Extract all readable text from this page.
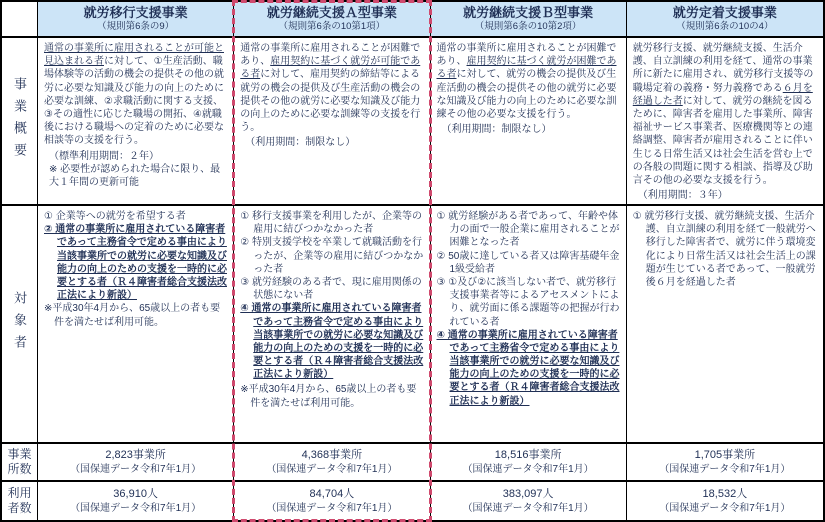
就労移行支援事業
（規則第6条の9）
就労継続支援Ａ型事業
（規則第6条の10第1項）
就労継続支援Ｂ型事業
（規則第6条の10第2項）
就労定着支援事業
（規則第6条の10の4）
事業概要

通常の事業所に雇用されることが可能と見込まれる者に対して、①生産活動、職場体験等の活動の機会の提供その他の就労に必要な知識及び能力の向上のために必要な訓練、②求職活動に関する支援、③その適性に応じた職場の開拓、④就職後における職場への定着のために必要な相談等の支援を行う。

（標準利用期間：２年）

※ 必要性が認められた場合に限り、最大１年間の更新可能

通常の事業所に雇用されることが困難であり、雇用契約に基づく就労が可能である者に対して、雇用契約の締結等による就労の機会の提供及び生産活動の機会の提供その他の就労に必要な知識及び能力の向上のために必要な訓練等の支援を行う。

（利用期間：制限なし）

通常の事業所に雇用されることが困難であり、雇用契約に基づく就労が困難である者に対して、就労の機会の提供及び生産活動の機会の提供その他の就労に必要な知識及び能力の向上のために必要な訓練その他の必要な支援を行う。

（利用期間：制限なし）

就労移行支援、就労継続支援、生活介護、自立訓練の利用を経て、通常の事業所に新たに雇用され、就労移行支援等の職場定着の義務・努力義務である６月を経過した者に対して、就労の継続を図るために、障害者を雇用した事業所、障害福祉サービス事業者、医療機関等との連絡調整、障害者が雇用されることに伴い生じる日常生活又は社会生活を営む上での各般の問題に関する相談、指導及び助言その他の必要な支援を行う。

（利用期間：３年）

対象者

① 企業等への就労を希望する者

② 通常の事業所に雇用されている障害者であって主務省令で定める事由により当該事業所での就労に必要な知識及び能力の向上のための支援を一時的に必要とする者（Ｒ４障害者総合支援法改正法により新設）

※平成30年4月から、65歳以上の者も要件を満たせば利用可能。

① 移行支援事業を利用したが、企業等の雇用に結びつかなかった者

② 特別支援学校を卒業して就職活動を行ったが、企業等の雇用に結びつかなかった者

③ 就労経験のある者で、現に雇用関係の状態にない者

④ 通常の事業所に雇用されている障害者であって主務省令で定める事由により当該事業所での就労に必要な知識及び能力の向上のための支援を一時的に必要とする者（Ｒ４障害者総合支援法改正法により新設）

※平成30年4月から、65歳以上の者も要件を満たせば利用可能。

① 就労経験がある者であって、年齢や体力の面で一般企業に雇用されることが困難となった者

② 50歳に達している者又は障害基礎年金1級受給者

③ ①及び②に該当しない者で、就労移行支援事業者等によるアセスメントにより、就労面に係る課題等の把握が行われている者

④ 通常の事業所に雇用されている障害者であって主務省令で定める事由により当該事業所での就労に必要な知識及び能力の向上のための支援を一時的に必要とする者（Ｒ４障害者総合支援法改正法により新設）

① 就労移行支援、就労継続支援、生活介護、自立訓練の利用を経て一般就労へ移行した障害者で、就労に伴う環境変化により日常生活又は社会生活上の課題が生じている者であって、一般就労後６月を経過した者

事業所数
2,823事業所
（国保連データ令和7年1月）
4,368事業所
（国保連データ令和7年1月）
18,516事業所
（国保連データ令和7年1月）
1,705事業所
（国保連データ令和7年1月）
利用者数
36,910人
（国保連データ令和7年1月）
84,704人
（国保連データ令和7年1月）
383,097人
（国保連データ令和7年1月）
18,532人
（国保連データ令和7年1月）
